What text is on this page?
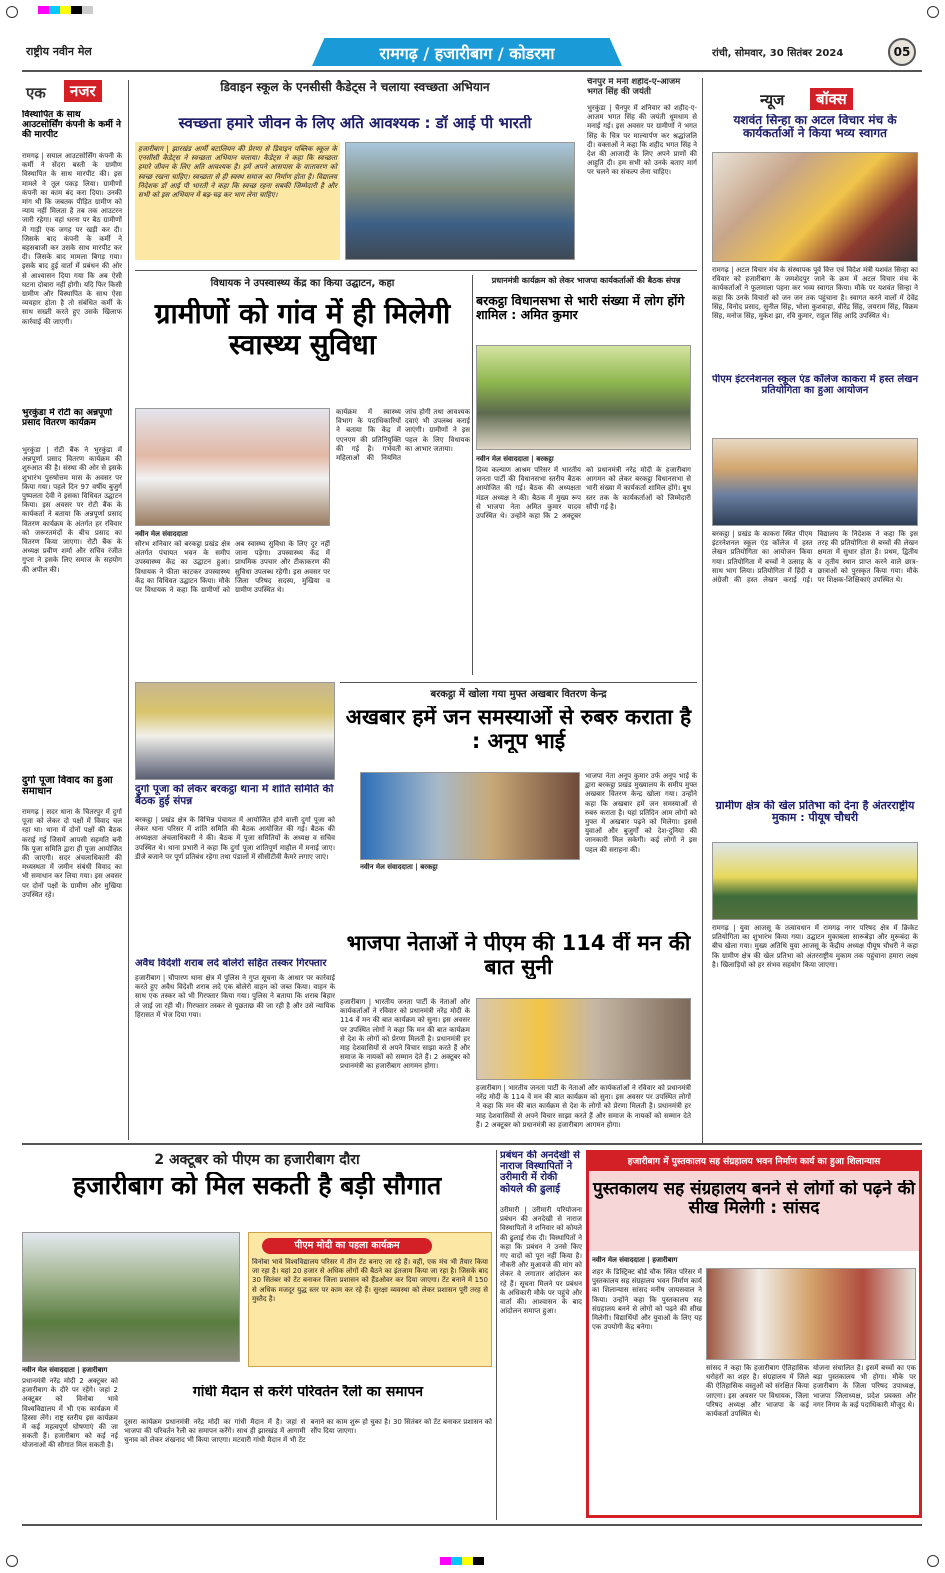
राष्ट्रीय नवीन मेल	रामगढ़ / हजारीबाग / कोडरमा	रांची, सोमवार, 30 सितंबर 2024	05
एक	नजर
विस्थापित के साथ आउटसोर्सिंग कंपनी के कर्मी ने की मारपीट
रामगढ़ | सयाल आउटसोर्सिंग कंपनी के कर्मी ने सेंदरा बस्ती के ग्रामीण विस्थापित के साथ मारपीट की। इस मामले ने तूल पकड़ लिया। ग्रामीणों कंपनी का काम बंद करा दिया। उनकी मांग थी कि जबतक पीड़ित ग्रामीण को न्याय नहीं मिलता है तब तक आउटरन जारी रहेगा। वहां धरना पर बैठ ग्रामीणों में गाड़ी एक जगह पर खड़ी कर दी। जिसके बाद कंपनी के कर्मी ने बहसबाजी कर उसके साथ मारपीट कर दी। जिसके बाद मामला बिगड़ गया। इसके बाद हुई वार्ता में प्रबंधन की ओर से आश्वासन दिया गया कि अब ऐसी घटना दोबारा नहीं होगी। यदि फिर किसी ग्रामीण और विस्थापित के साथ ऐसा व्यवहार होता है तो संबंधित कर्मी के साथ सख्ती करते हुए उसके खिलाफ कार्रवाई की जाएगी।
भुरकुंडा में रोटी का अन्नपूर्णा प्रसाद वितरण कार्यक्रम
भुरकुंडा | रोटी बैंक ने भुरकुंडा में अन्नपूर्णा प्रसाद वितरण कार्यक्रम की शुरुआत की है। संस्था की ओर से इसके शुभारंभ पुरुषोत्तम मास के अवसर पर किया गया। पहले दिन 97 वर्षीय बुजुर्ग पुष्पलता देवी ने इसका विधिवत उद्घाटन किया। इस अवसर पर रोटी बैंक के कार्यकर्ता ने बताया कि अन्नपूर्णा प्रसाद वितरण कार्यक्रम के अंतर्गत हर रविवार को जरूरतमंदों के बीच प्रसाद का वितरण किया जाएगा। रोटी बैंक के अध्यक्ष प्रवीण शर्मा और सचिव रंजीत गुप्ता ने इसके लिए समाज के सहयोग की अपील की।
दुर्गा पूजा विवाद का हुआ समाधान
रामगढ़ | सदर थाना के चितरपुर में दुर्गा पूजा को लेकर दो पक्षों में विवाद चल रहा था। थाना में दोनों पक्षों की बैठक कराई गई जिसमें आपसी सहमति बनी कि पूजा समिति द्वारा ही पूजा आयोजित की जाएगी। सदर अंचलाधिकारी की मध्यस्थता में जमीन संबंधी विवाद का भी समाधान कर लिया गया। इस अवसर पर दोनों पक्षों के ग्रामीण और मुखिया उपस्थित रहे।
डिवाइन स्कूल के एनसीसी कैडेट्स ने चलाया स्वच्छता अभियान
स्वच्छता हमारे जीवन के लिए अति आवश्यक : डॉ आई पी भारती
हजारीबाग | झारखंड आर्मी बटालियन की प्रेरणा से डिवाइन पब्लिक स्कूल के एनसीसी कैडेट्स ने स्वच्छता अभियान चलाया। कैडेट्स ने कहा कि स्वच्छता हमारे जीवन के लिए अति आवश्यक है। हमें अपने आसपास के वातावरण को स्वच्छ रखना चाहिए। स्वच्छता से ही स्वस्थ समाज का निर्माण होता है। विद्यालय निदेशक डॉ आई पी भारती ने कहा कि स्वच्छ रहना सबकी जिम्मेदारी है और सभी को इस अभियान में बढ़-चढ़ कर भाग लेना चाहिए।
चैनपुर में मनी शहीद-ए-आजम भगत सिंह की जयंती
भुरकुंडा | चैनपुर में शनिवार को शहीद-ए-आजम भगत सिंह की जयंती धूमधाम से मनाई गई। इस अवसर पर ग्रामीणों ने भगत सिंह के चित्र पर माल्यार्पण कर श्रद्धांजलि दी। वक्ताओं ने कहा कि शहीद भगत सिंह ने देश की आजादी के लिए अपने प्राणों की आहुति दी। हम सभी को उनके बताए मार्ग पर चलने का संकल्प लेना चाहिए।
न्यूज	बॉक्स
यशवंत सिन्हा का अटल विचार मंच के कार्यकर्ताओं ने किया भव्य स्वागत
रामगढ़ | अटल विचार मंच के संस्थापक पूर्व वित्त एवं विदेश मंत्री यशवंत सिन्हा का रविवार को हजारीबाग के जमशेदपुर जाने के क्रम में अटल विचार मंच के कार्यकर्ताओं ने फूलमाला पहना कर भव्य स्वागत किया। मौके पर यशवंत सिन्हा ने कहा कि उनके विचारों को जन जन तक पहुंचाना है। स्वागत करने वालों में देवेंद्र सिंह, विनोद प्रसाद, सुनील सिंह, भोला कुशवाहा, वीरेंद्र सिंह, जयराम सिंह, विक्रम सिंह, मनोज सिंह, मुकेश झा, रवि कुमार, राहुल सिंह आदि उपस्थित थे।
पीएम इंटरनेशनल स्कूल एंड कॉलेज काकरा में हस्त लेखन प्रतियोगिता का हुआ आयोजन
बरकट्ठा | प्रखंड के काकरा स्थित पीएम इंटरनेशनल स्कूल एंड कॉलेज में हस्त लेखन प्रतियोगिता का आयोजन किया गया। प्रतियोगिता में बच्चों ने उत्साह के साथ भाग लिया। प्रतियोगिता में हिंदी व अंग्रेजी की हस्त लेखन कराई गई। विद्यालय के निदेशक ने कहा कि इस तरह की प्रतियोगिता से बच्चों की लेखन क्षमता में सुधार होता है। प्रथम, द्वितीय व तृतीय स्थान प्राप्त करने वाले छात्र-छात्राओं को पुरस्कृत किया गया। मौके पर शिक्षक-शिक्षिकाएं उपस्थित थे।
ग्रामीण क्षेत्र की खेल प्रतिभा को देना है अंतरराष्ट्रीय मुकाम : पीयूष चौधरी
रामगढ़ | युवा आजसू के तत्वावधान में रामगढ़ नगर परिषद क्षेत्र में क्रिकेट प्रतियोगिता का शुभारंभ किया गया। उद्घाटन मुकाबला सारूबेड़ा और मुरूबंदा के बीच खेला गया। मुख्य अतिथि युवा आजसू के केंद्रीय अध्यक्ष पीयूष चौधरी ने कहा कि ग्रामीण क्षेत्र की खेल प्रतिभा को अंतरराष्ट्रीय मुकाम तक पहुंचाना हमारा लक्ष्य है। खिलाड़ियों को हर संभव सहयोग किया जाएगा।
विधायक ने उपस्वास्थ्य केंद्र का किया उद्घाटन, कहा
ग्रामीणों को गांव में ही मिलेगी स्वास्थ्य सुविधा
नवीन मेल संवाददाता
सौरभ शनिवार को बरकट्ठा प्रखंड क्षेत्र अंतर्गत पंचायत भवन के समीप उपस्वास्थ्य केंद्र का उद्घाटन हुआ। विधायक ने फीता काटकर उपस्वास्थ्य केंद्र का विधिवत उद्घाटन किया। मौके पर विधायक ने कहा कि ग्रामीणों को अब स्वास्थ्य सुविधा के लिए दूर नहीं जाना पड़ेगा। उपस्वास्थ्य केंद्र में प्राथमिक उपचार और टीकाकरण की सुविधा उपलब्ध रहेगी। इस अवसर पर जिला परिषद सदस्य, मुखिया व ग्रामीण उपस्थित थे।
कार्यक्रम में स्वास्थ्य विभाग के पदाधिकारियों ने बताया कि केंद्र में एएनएम की प्रतिनियुक्ति की गई है। गर्भवती महिलाओं की नियमित जांच होगी तथा आवश्यक दवाएं भी उपलब्ध कराई जाएंगी। ग्रामीणों ने इस पहल के लिए विधायक का आभार जताया।
प्रधानमंत्री कार्यक्रम को लेकर भाजपा कार्यकर्ताओं की बैठक संपन्न
बरकट्ठा विधानसभा से भारी संख्या में लोग होंगे शामिल : अमित कुमार
नवीन मेल संवाददाता | बरकट्ठा
दिव्य कल्याण आश्रम परिसर में भारतीय जनता पार्टी की विधानसभा स्तरीय बैठक आयोजित की गई। बैठक की अध्यक्षता मंडल अध्यक्ष ने की। बैठक में मुख्य रूप से भाजपा नेता अमित कुमार यादव उपस्थित थे। उन्होंने कहा कि 2 अक्टूबर को प्रधानमंत्री नरेंद्र मोदी के हजारीबाग आगमन को लेकर बरकट्ठा विधानसभा से भारी संख्या में कार्यकर्ता शामिल होंगे। बूथ स्तर तक के कार्यकर्ताओं को जिम्मेदारी सौंपी गई है।
बरकट्ठा में खोला गया मुफ्त अखबार वितरण केन्द्र
अखबार हमें जन समस्याओं से रुबरु कराता है : अनूप भाई
नवीन मेल संवाददाता | बरकट्ठा
भाजपा नेता अनूप कुमार उर्फ अनूप भाई के द्वारा बरकट्ठा प्रखंड मुख्यालय के समीप मुफ्त अखबार वितरण केन्द्र खोला गया। उन्होंने कहा कि अखबार हमें जन समस्याओं से रुबरु कराता है। यहां प्रतिदिन आम लोगों को मुफ्त में अखबार पढ़ने को मिलेगा। इससे युवाओं और बुजुर्गों को देश-दुनिया की जानकारी मिल सकेगी। कई लोगों ने इस पहल की सराहना की।
दुर्गा पूजा को लेकर बरकट्ठा थाना में शांति समिति की बैठक हुई संपन्न
बरकट्ठा | प्रखंड क्षेत्र के विभिन्न पंचायत में आयोजित होने वाली दुर्गा पूजा को लेकर थाना परिसर में शांति समिति की बैठक आयोजित की गई। बैठक की अध्यक्षता अंचलाधिकारी ने की। बैठक में पूजा समितियों के अध्यक्ष व सचिव उपस्थित थे। थाना प्रभारी ने कहा कि दुर्गा पूजा शांतिपूर्ण माहौल में मनाई जाए। डीजे बजाने पर पूर्ण प्रतिबंध रहेगा तथा पंडालों में सीसीटीवी कैमरे लगाए जाएं।
भाजपा नेताओं ने पीएम की 114 वीं मन की बात सुनी
हजारीबाग | भारतीय जनता पार्टी के नेताओं और कार्यकर्ताओं ने रविवार को प्रधानमंत्री नरेंद्र मोदी के 114 वें मन की बात कार्यक्रम को सुना। इस अवसर पर उपस्थित लोगों ने कहा कि मन की बात कार्यक्रम से देश के लोगों को प्रेरणा मिलती है। प्रधानमंत्री हर माह देशवासियों से अपने विचार साझा करते हैं और समाज के नायकों को सम्मान देते हैं। 2 अक्टूबर को प्रधानमंत्री का हजारीबाग आगमन होगा।
हजारीबाग | भारतीय जनता पार्टी के नेताओं और कार्यकर्ताओं ने रविवार को प्रधानमंत्री नरेंद्र मोदी के 114 वें मन की बात कार्यक्रम को सुना। इस अवसर पर उपस्थित लोगों ने कहा कि मन की बात कार्यक्रम से देश के लोगों को प्रेरणा मिलती है। प्रधानमंत्री हर माह देशवासियों से अपने विचार साझा करते हैं और समाज के नायकों को सम्मान देते हैं। 2 अक्टूबर को प्रधानमंत्री का हजारीबाग आगमन होगा।
अवैध विदेशी शराब लदे बोलेरो सहित तस्कर गिरफ्तार
हजारीबाग | चौपारण थाना क्षेत्र में पुलिस ने गुप्त सूचना के आधार पर कार्रवाई करते हुए अवैध विदेशी शराब लदे एक बोलेरो वाहन को जब्त किया। वाहन के साथ एक तस्कर को भी गिरफ्तार किया गया। पुलिस ने बताया कि शराब बिहार ले जाई जा रही थी। गिरफ्तार तस्कर से पूछताछ की जा रही है और उसे न्यायिक हिरासत में भेज दिया गया।
2 अक्टूबर को पीएम का हजारीबाग दौरा
हजारीबाग को मिल सकती है बड़ी सौगात
नवीन मेल संवाददाता | हजारीबाग
प्रधानमंत्री नरेंद्र मोदी 2 अक्टूबर को हजारीबाग के दौरे पर रहेंगे। जहां 2 अक्टूबर को विनोबा भावे विश्वविद्यालय में भी एक कार्यक्रम में हिस्सा लेंगे। राष्ट्र स्तरीय इस कार्यक्रम में कई महत्वपूर्ण घोषणाएं की जा सकती हैं। हजारीबाग को कई नई योजनाओं की सौगात मिल सकती है।
पीएम मोदी का पहला कार्यक्रम
विनोबा भावे विश्वविद्यालय परिसर में तीन टेंट बनाए जा रहे हैं। वहीं, एक मंच भी तैयार किया जा रहा है। यहां 20 हजार से अधिक लोगों की बैठने का इंतजाम किया जा रहा है। जिसके बाद 30 सितंबर को टेंट बनाकर जिला प्रशासन को हैंडओवर कर दिया जाएगा। टेंट बनाने में 150 से अधिक मजदूर युद्ध स्तर पर काम कर रहे हैं। सुरक्षा व्यवस्था को लेकर प्रशासन पूरी तरह से मुस्तैद है।
गांधी मैदान से करेंगे परिवर्तन रैली का समापन
दूसरा कार्यक्रम प्रधानमंत्री नरेंद्र मोदी का गांधी मैदान में है। जहां से भाजपा की परिवर्तन रैली का समापन करेंगे। साथ ही झारखंड में आगामी चुनाव को लेकर शंखनाद भी किया जाएगा। मटवारी गांधी मैदान में भी टेंट बनाने का काम शुरू हो चुका है। 30 सितंबर को टेंट बनाकर प्रशासन को सौंप दिया जाएगा।
प्रबंधन की अनदेखी से नाराज विस्थापितों ने उरीमारी में रोकी कोयले की ढुलाई
उरीमारी | उरीमारी परियोजना प्रबंधन की अनदेखी से नाराज विस्थापितों ने शनिवार को कोयले की ढुलाई रोक दी। विस्थापितों ने कहा कि प्रबंधन ने उनसे किए गए वादों को पूरा नहीं किया है। नौकरी और मुआवजे की मांग को लेकर वे लगातार आंदोलन कर रहे हैं। सूचना मिलने पर प्रबंधन के अधिकारी मौके पर पहुंचे और वार्ता की। आश्वासन के बाद आंदोलन समाप्त हुआ।
हजारीबाग में पुस्तकालय सह संग्रहालय भवन निर्माण कार्य का हुआ शिलान्यास
पुस्तकालय सह संग्रहालय बनने से लोगों को पढ़ने की सीख मिलेगी : सांसद
नवीन मेल संवाददाता | हजारीबाग
शहर के डिस्ट्रिक्ट बोर्ड चौक स्थित परिसर में पुस्तकालय सह संग्रहालय भवन निर्माण कार्य का शिलान्यास सांसद मनीष जायसवाल ने किया। उन्होंने कहा कि पुस्तकालय सह संग्रहालय बनने से लोगों को पढ़ने की सीख मिलेगी। विद्यार्थियों और युवाओं के लिए यह एक उपयोगी केंद्र बनेगा।
सांसद ने कहा कि हजारीबाग ऐतिहासिक धरोहरों का शहर है। संग्रहालय में जिले की ऐतिहासिक वस्तुओं को संरक्षित किया जाएगा। इस अवसर पर विधायक, जिला परिषद अध्यक्ष और भाजपा के कई कार्यकर्ता उपस्थित थे।
योजना संचालित है। इसमें बच्चों का एक बड़ा पुस्तकालय भी होगा। मौके पर हजारीबाग के जिला परिषद उपाध्यक्ष, भाजपा जिलाध्यक्ष, प्रदेश प्रवक्ता और नगर निगम के कई पदाधिकारी मौजूद थे।
